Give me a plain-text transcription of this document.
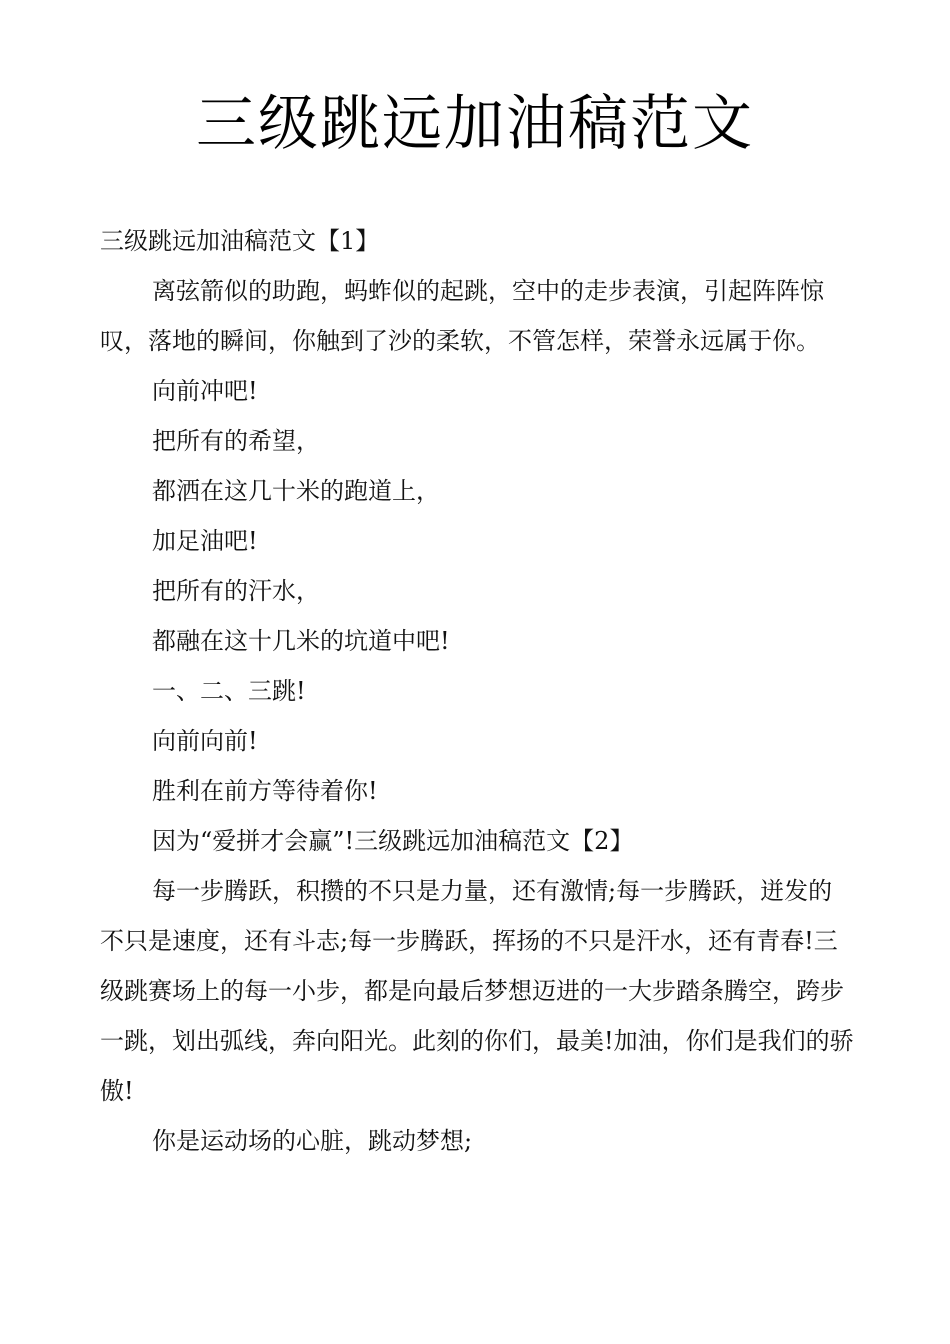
三级跳远加油稿范文

三级跳远加油稿范文【1】

离弦箭似的助跑，蚂蚱似的起跳，空中的走步表演，引起阵阵惊叹，落地的瞬间，你触到了沙的柔软，不管怎样，荣誉永远属于你。

向前冲吧!

把所有的希望，

都洒在这几十米的跑道上，

加足油吧!

把所有的汗水，

都融在这十几米的坑道中吧!

一、二、三跳!

向前向前!

胜利在前方等待着你!

因为“爱拼才会赢”!三级跳远加油稿范文【2】

每一步腾跃，积攒的不只是力量，还有激情;每一步腾跃，迸发的不只是速度，还有斗志;每一步腾跃，挥扬的不只是汗水，还有青春!三级跳赛场上的每一小步，都是向最后梦想迈进的一大步踏条腾空，跨步一跳，划出弧线，奔向阳光。此刻的你们，最美!加油，你们是我们的骄傲!

你是运动场的心脏，跳动梦想;
